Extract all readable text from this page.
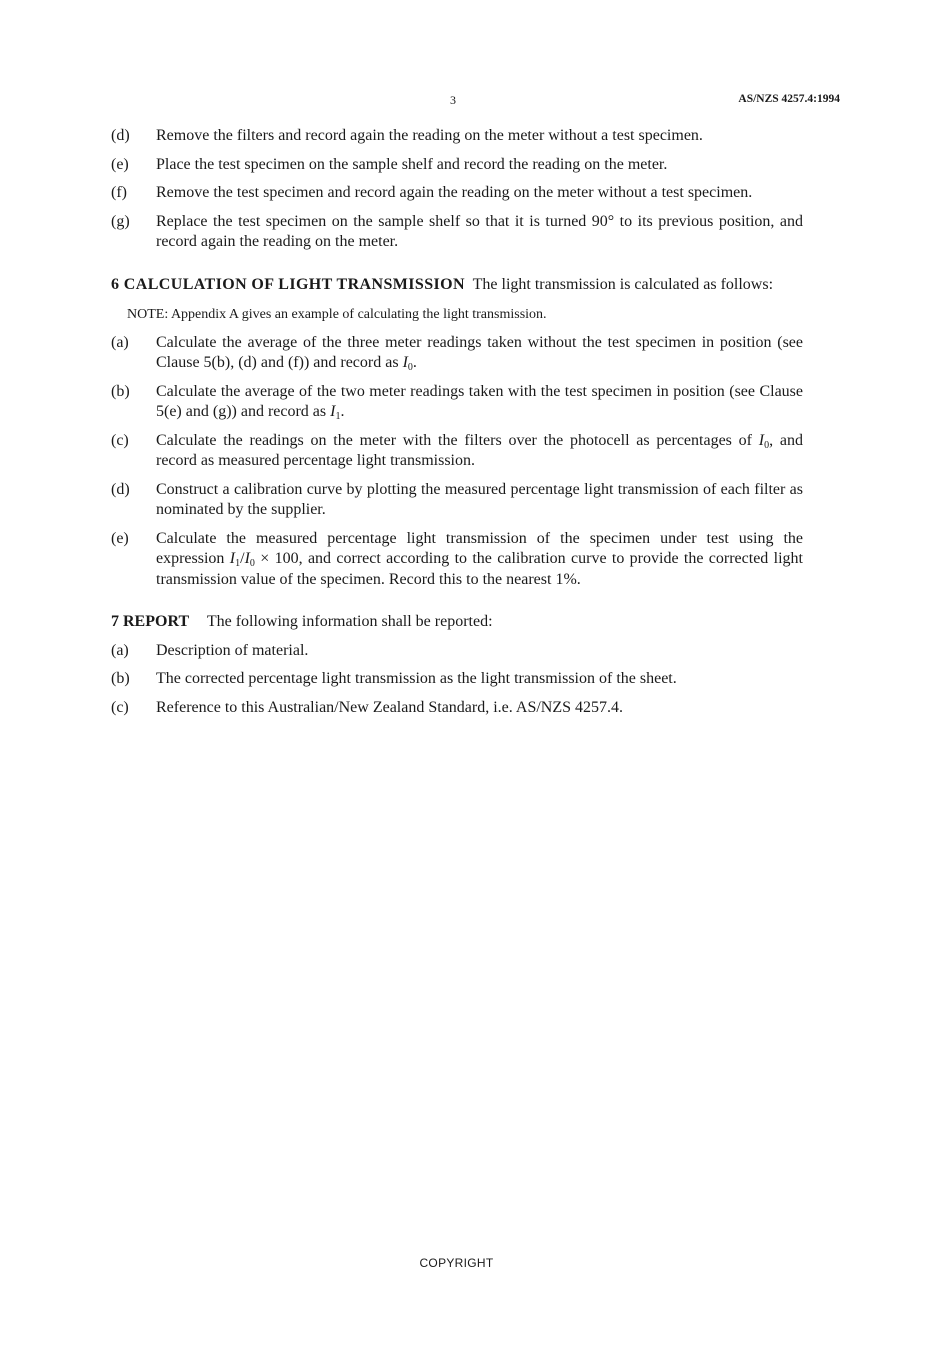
3	AS/NZS 4257.4:1994
(d)	Remove the filters and record again the reading on the meter without a test specimen.
(e)	Place the test specimen on the sample shelf and record the reading on the meter.
(f)	Remove the test specimen and record again the reading on the meter without a test specimen.
(g)	Replace the test specimen on the sample shelf so that it is turned 90° to its previous position, and record again the reading on the meter.
6 CALCULATION OF LIGHT TRANSMISSION The light transmission is calculated as follows:
NOTE: Appendix A gives an example of calculating the light transmission.
(a)	Calculate the average of the three meter readings taken without the test specimen in position (see Clause 5(b), (d) and (f)) and record as $I_0$.
(b)	Calculate the average of the two meter readings taken with the test specimen in position (see Clause 5(e) and (g)) and record as $I_1$.
(c)	Calculate the readings on the meter with the filters over the photocell as percentages of $I_0$, and record as measured percentage light transmission.
(d)	Construct a calibration curve by plotting the measured percentage light transmission of each filter as nominated by the supplier.
(e)	Calculate the measured percentage light transmission of the specimen under test using the expression $I_1/I_0 \times 100$, and correct according to the calibration curve to provide the corrected light transmission value of the specimen. Record this to the nearest 1%.
7 REPORT The following information shall be reported:
(a)	Description of material.
(b)	The corrected percentage light transmission as the light transmission of the sheet.
(c)	Reference to this Australian/New Zealand Standard, i.e. AS/NZS 4257.4.
COPYRIGHT
